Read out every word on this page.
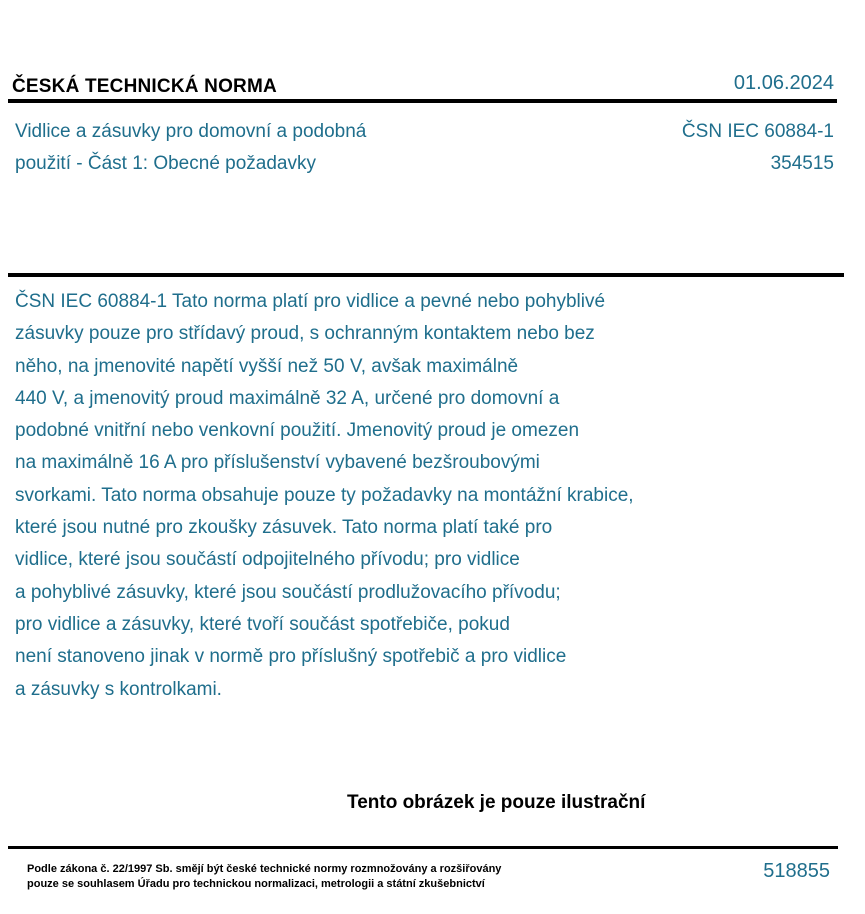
ČESKÁ TECHNICKÁ NORMA	01.06.2024
Vidlice a zásuvky pro domovní a podobná
použití - Část 1: Obecné požadavky
ČSN IEC 60884-1
354515
ČSN IEC 60884-1 Tato norma platí pro vidlice a pevné nebo pohyblivé
zásuvky pouze pro střídavý proud, s ochranným kontaktem nebo bez
něho, na jmenovité napětí vyšší než 50 V, avšak maximálně
440 V, a jmenovitý proud maximálně 32 A, určené pro domovní a
podobné vnitřní nebo venkovní použití. Jmenovitý proud je omezen
na maximálně 16 A pro příslušenství vybavené bezšroubovými
svorkami. Tato norma obsahuje pouze ty požadavky na montážní krabice,
které jsou nutné pro zkoušky zásuvek. Tato norma platí také pro
vidlice, které jsou součástí odpojitelného přívodu; pro vidlice
a pohyblivé zásuvky, které jsou součástí prodlužovacího přívodu;
pro vidlice a zásuvky, které tvoří součást spotřebiče, pokud
není stanoveno jinak v normě pro příslušný spotřebič a pro vidlice
a zásuvky s kontrolkami.
Tento obrázek je pouze ilustrační
Podle zákona č. 22/1997 Sb. smějí být české technické normy rozmnožovány a rozšiřovány
pouze se souhlasem Úřadu pro technickou normalizaci, metrologii a státní zkušebnictví
518855
